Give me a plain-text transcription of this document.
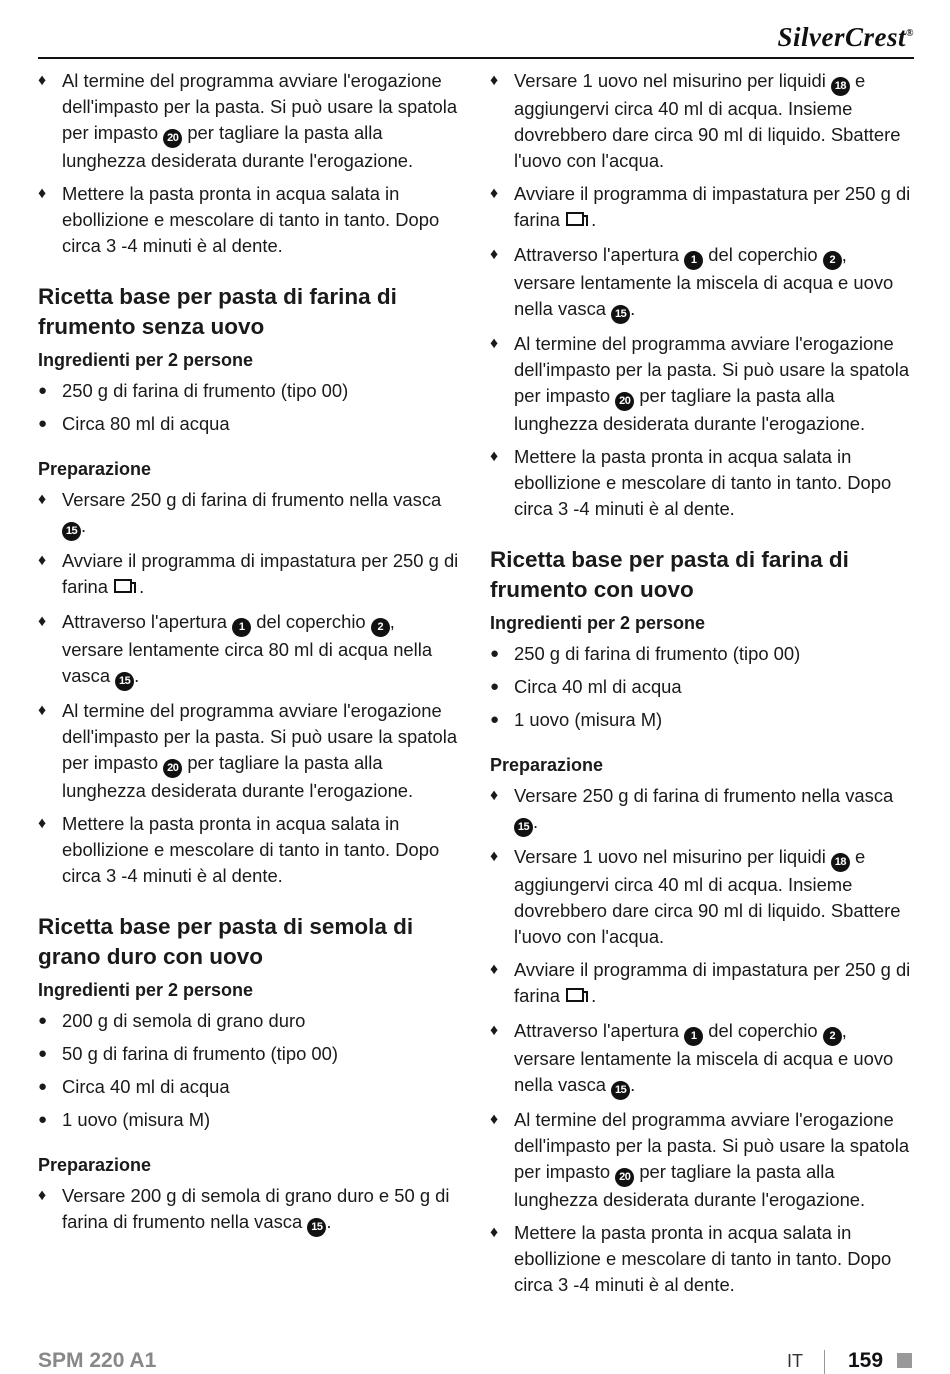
SilverCrest®
♦ Al termine del programma avviare l'erogazione dell'impasto per la pasta. Si può usare la spatola per impasto 20 per tagliare la pasta alla lunghezza desiderata durante l'erogazione.
♦ Mettere la pasta pronta in acqua salata in ebollizione e mescolare di tanto in tanto. Dopo circa 3 -4 minuti è al dente.
Ricetta base per pasta di farina di frumento senza uovo
Ingredienti per 2 persone
● 250 g di farina di frumento (tipo 00)
● Circa 80 ml di acqua
Preparazione
♦ Versare 250 g di farina di frumento nella vasca 15 .
♦ Avviare il programma di impastatura per 250 g di farina .
♦ Attraverso l'apertura 1 del coperchio 2 , versare lentamente circa 80 ml di acqua nella vasca 15 .
♦ Al termine del programma avviare l'erogazione dell'impasto per la pasta. Si può usare la spatola per impasto 20 per tagliare la pasta alla lunghezza desiderata durante l'erogazione.
♦ Mettere la pasta pronta in acqua salata in ebollizione e mescolare di tanto in tanto. Dopo circa 3 -4 minuti è al dente.
Ricetta base per pasta di semola di grano duro con uovo
Ingredienti per 2 persone
● 200 g di semola di grano duro
● 50 g di farina di frumento (tipo 00)
● Circa 40 ml di acqua
● 1 uovo (misura M)
Preparazione
♦ Versare 200 g di semola di grano duro e 50 g di farina di frumento nella vasca 15 .
♦ Versare 1 uovo nel misurino per liquidi 18 e aggiungervi circa 40 ml di acqua. Insieme dovrebbero dare circa 90 ml di liquido. Sbattere l'uovo con l'acqua.
♦ Avviare il programma di impastatura per 250 g di farina .
♦ Attraverso l'apertura 1 del coperchio 2 , versare lentamente la miscela di acqua e uovo nella vasca 15 .
♦ Al termine del programma avviare l'erogazione dell'impasto per la pasta. Si può usare la spatola per impasto 20 per tagliare la pasta alla lunghezza desiderata durante l'erogazione.
♦ Mettere la pasta pronta in acqua salata in ebollizione e mescolare di tanto in tanto. Dopo circa 3 -4 minuti è al dente.
Ricetta base per pasta di farina di frumento con uovo
Ingredienti per 2 persone
● 250 g di farina di frumento (tipo 00)
● Circa 40 ml di acqua
● 1 uovo (misura M)
Preparazione
♦ Versare 250 g di farina di frumento nella vasca 15 .
♦ Versare 1 uovo nel misurino per liquidi 18 e aggiungervi circa 40 ml di acqua. Insieme dovrebbero dare circa 90 ml di liquido. Sbattere l'uovo con l'acqua.
♦ Avviare il programma di impastatura per 250 g di farina .
♦ Attraverso l'apertura 1 del coperchio 2 , versare lentamente la miscela di acqua e uovo nella vasca 15 .
♦ Al termine del programma avviare l'erogazione dell'impasto per la pasta. Si può usare la spatola per impasto 20 per tagliare la pasta alla lunghezza desiderata durante l'erogazione.
♦ Mettere la pasta pronta in acqua salata in ebollizione e mescolare di tanto in tanto. Dopo circa 3 -4 minuti è al dente.
SPM 220 A1	IT 159
